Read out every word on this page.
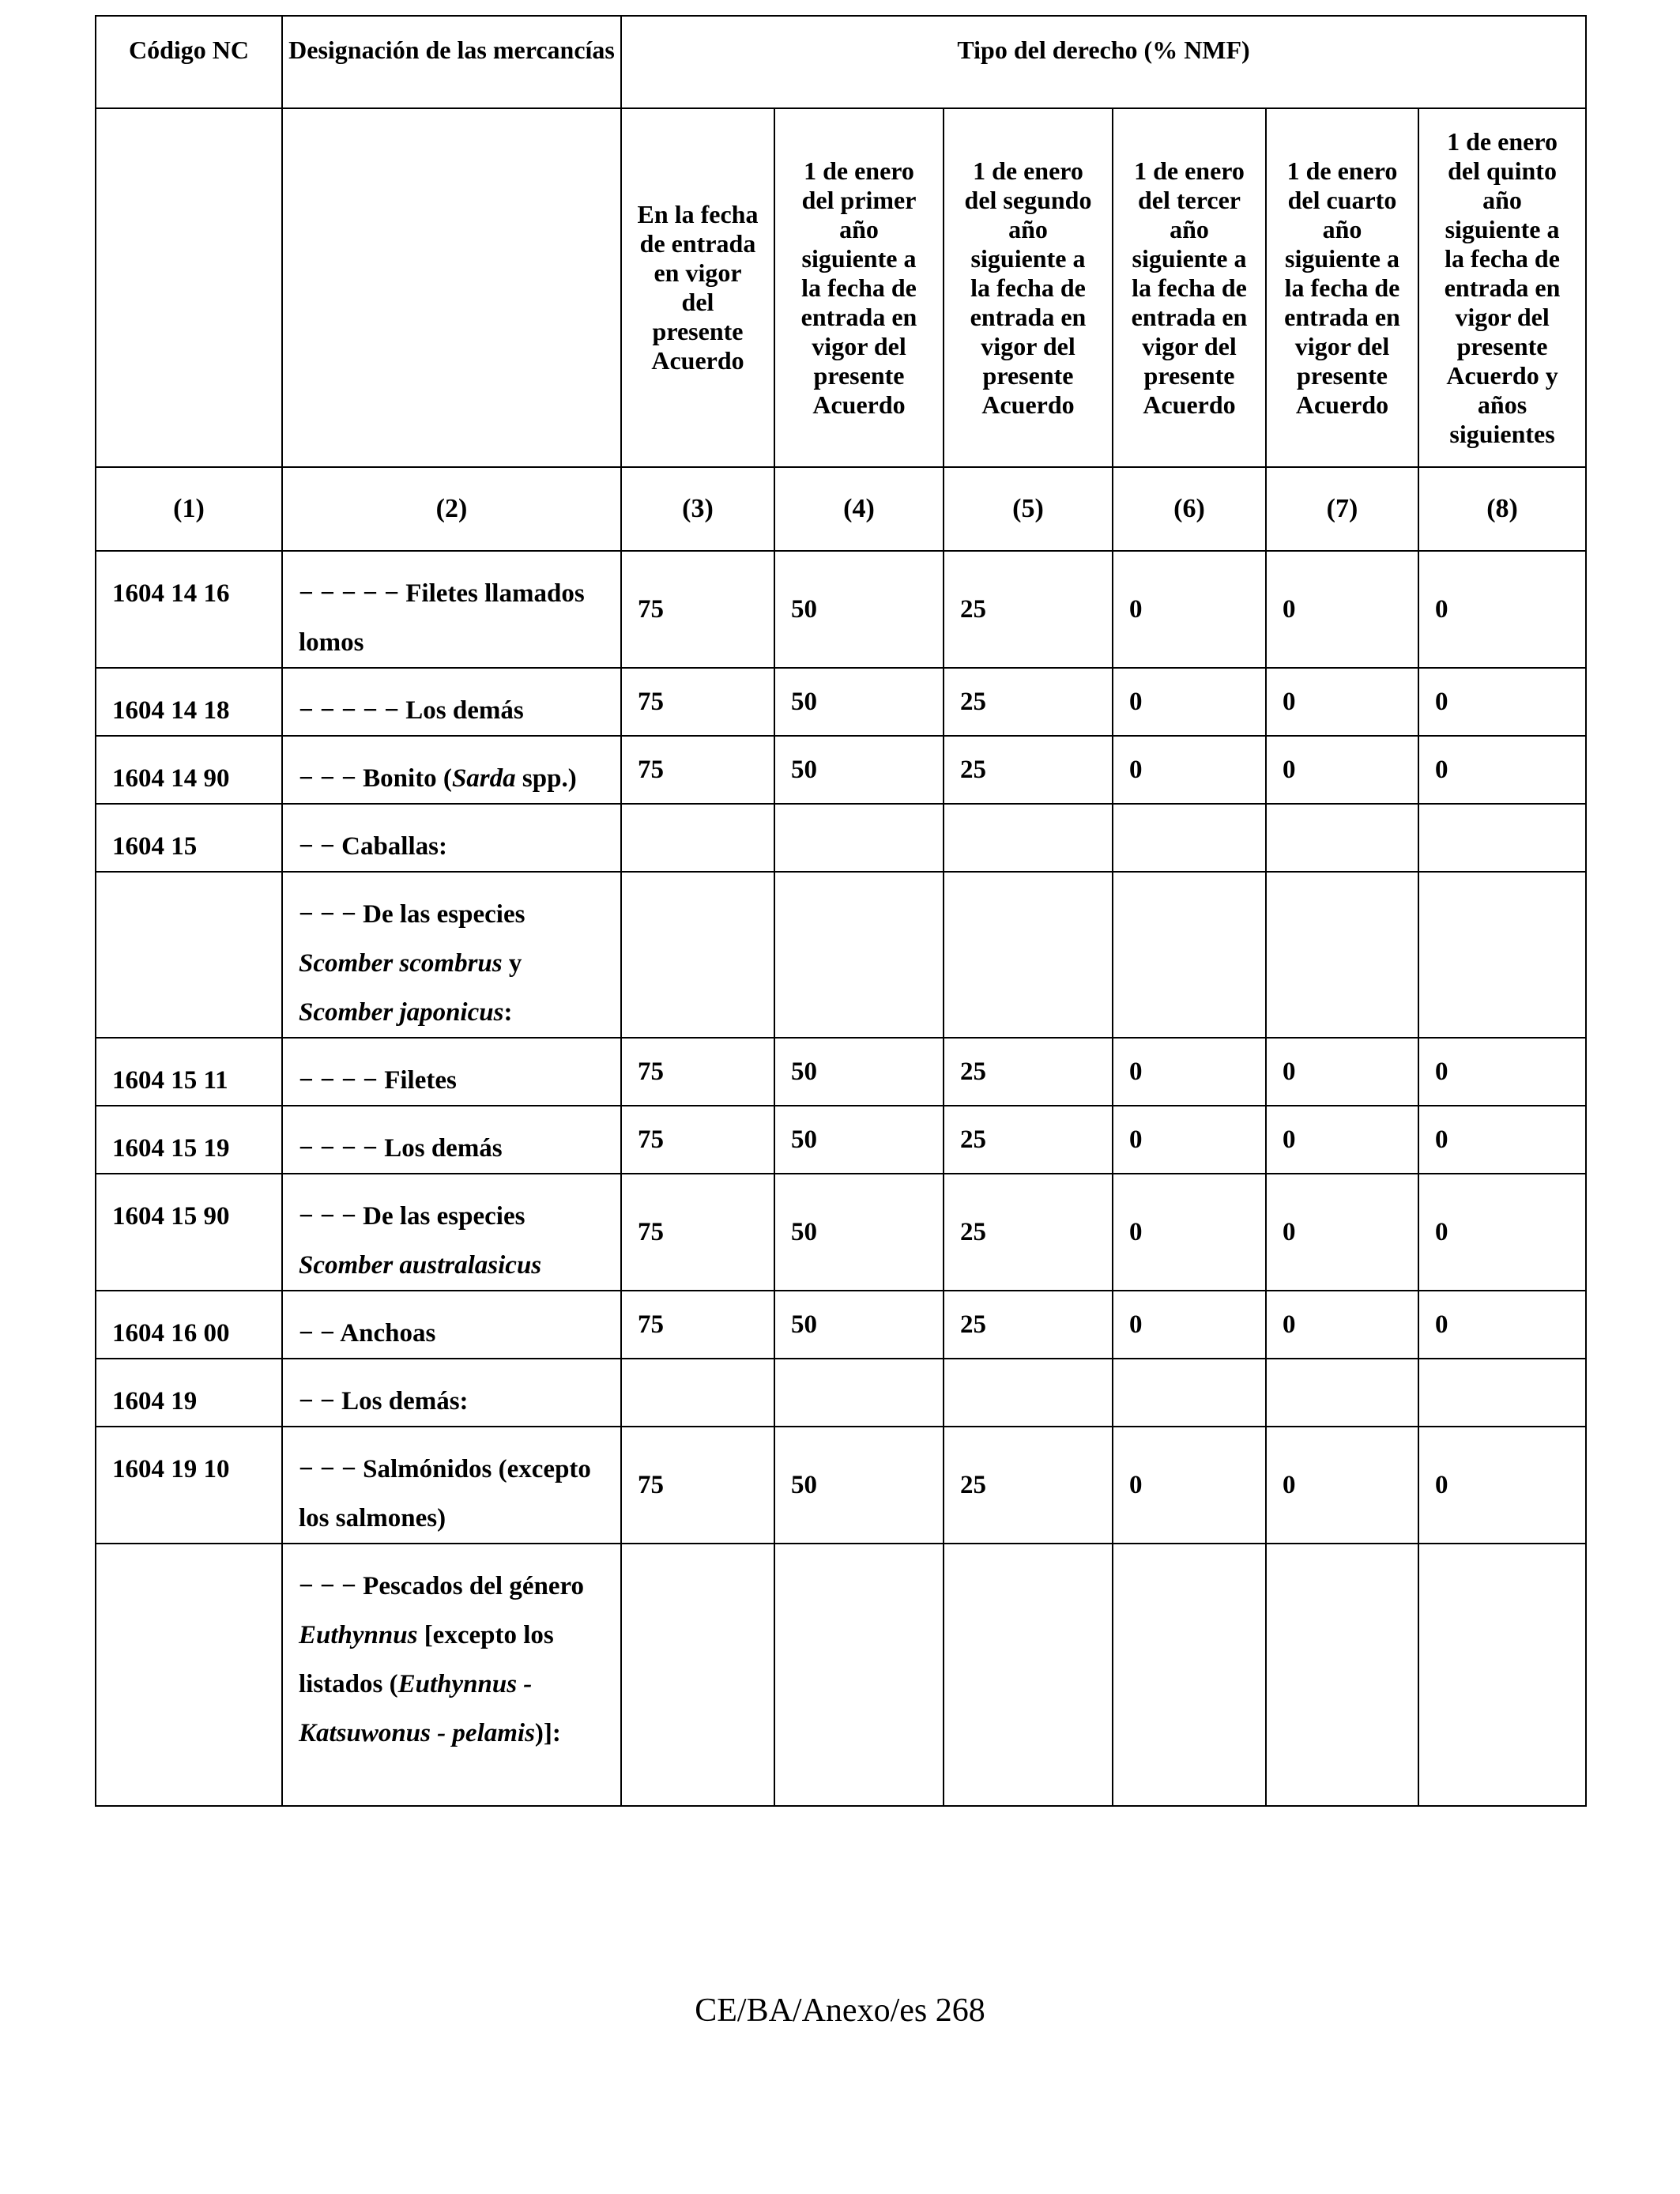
Código NC	Designación de las mercancías	Tipo del derecho (% NMF)					
		En la fecha de entrada en vigor del presente Acuerdo	1 de enero del primer año siguiente a la fecha de entrada en vigor del presente Acuerdo	1 de enero del segundo año siguiente a la fecha de entrada en vigor del presente Acuerdo	1 de enero del tercer año siguiente a la fecha de entrada en vigor del presente Acuerdo	1 de enero del cuarto año siguiente a la fecha de entrada en vigor del presente Acuerdo	1 de enero del quinto año siguiente a la fecha de entrada en vigor del presente Acuerdo y años siguientes
(1)	(2)	(3)	(4)	(5)	(6)	(7)	(8)
1604 14 16	− − − − − Filetes llamados lomos	75	50	25	0	0	0
1604 14 18	− − − − − Los demás	75	50	25	0	0	0
1604 14 90	− − − Bonito (Sarda spp.)	75	50	25	0	0	0
1604 15	− − Caballas:						
	− − − De las especies Scomber scombrus y Scomber japonicus:						
1604 15 11	− − − − Filetes	75	50	25	0	0	0
1604 15 19	− − − − Los demás	75	50	25	0	0	0
1604 15 90	− − − De las especies Scomber australasicus	75	50	25	0	0	0
1604 16 00	− − Anchoas	75	50	25	0	0	0
1604 19	− − Los demás:						
1604 19 10	− − − Salmónidos (excepto los salmones)	75	50	25	0	0	0
	− − − Pescados del género Euthynnus [excepto los listados (Euthynnus - Katsuwonus - pelamis)]:						
CE/BA/Anexo/es 268
